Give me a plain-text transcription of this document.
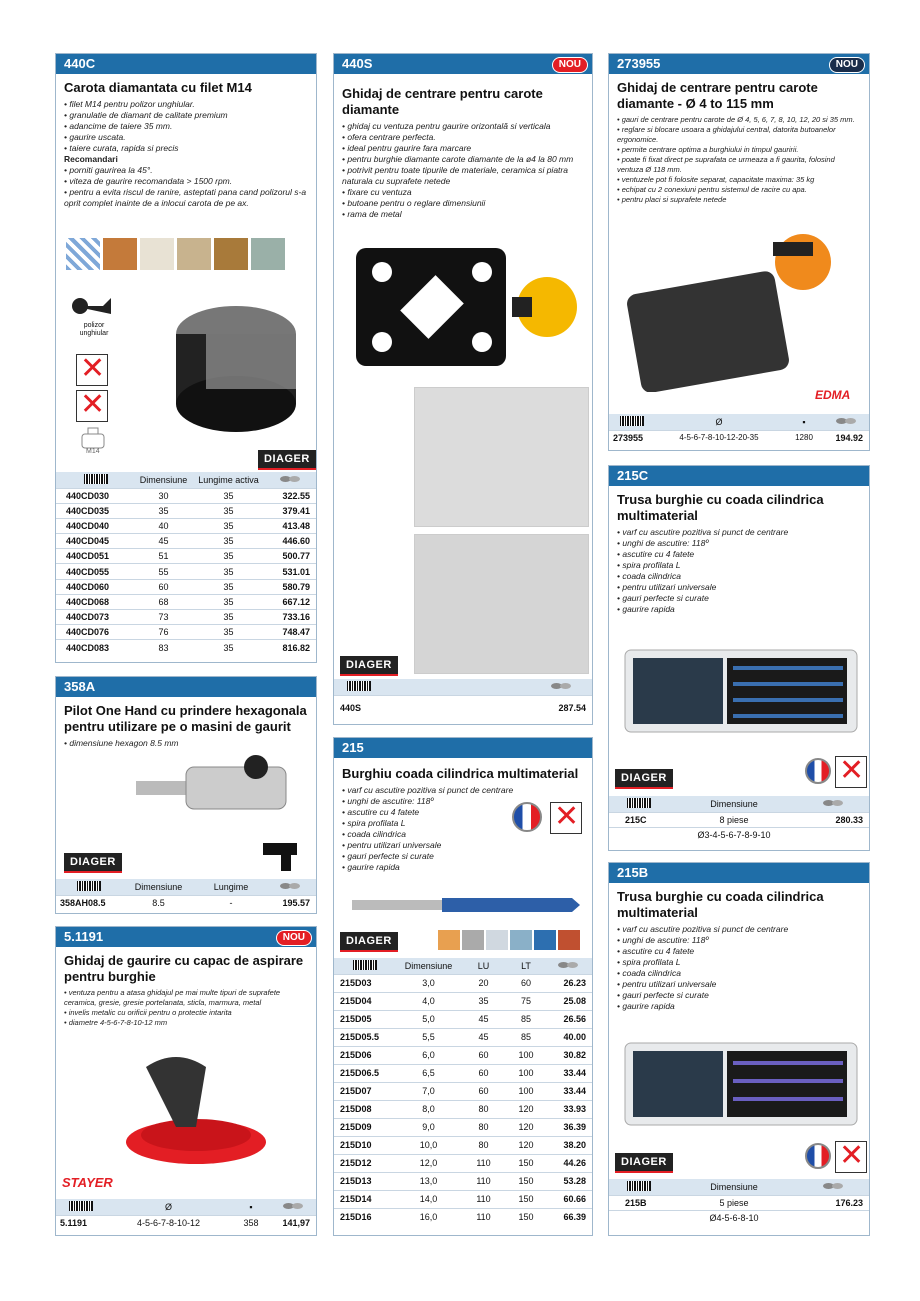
440C
Carota diamantata cu filet M14
• filet M14 pentru polizor unghiular.
• granulatie de diamant de calitate premium
• adancime de taiere 35 mm.
• gaurire uscata.
• taiere curata, rapida si precis
Recomandari
• porniti gaurirea la 45°.
• viteza de gaurire recomandata > 1500 rpm.
• pentru a evita riscul de ranire, asteptati pana cand polizorul s-a oprit complet inainte de a inlocui carota de pe ax.
polizor unghiular
✕
✕
M14
DIAGER
	Dimensiune	Lungime activa	
440CD030	30	35	322.55
440CD035	35	35	379.41
440CD040	40	35	413.48
440CD045	45	35	446.60
440CD051	51	35	500.77
440CD055	55	35	531.01
440CD060	60	35	580.79
440CD068	68	35	667.12
440CD073	73	35	733.16
440CD076	76	35	748.47
440CD083	83	35	816.82
358A
Pilot One Hand cu prindere hexagonala pentru utilizare pe o masini de gaurit
• dimensiune hexagon 8.5 mm
DIAGER
	Dimensiune	Lungime	
358AH08.5	8.5	-	195.57
5.1191	NOU
Ghidaj de gaurire cu capac de aspirare pentru burghie
• ventuza pentru a atasa ghidajul pe mai multe tipuri de suprafete ceramica, gresie, gresie portelanata, sticla, marmura, metal
• invelis metalic cu orificii pentru o protectie intarita
• diametre 4-5-6-7-8-10-12 mm
STAYER
	Ø	▪	
5.1191	4-5-6-7-8-10-12	358	141,97
440S	NOU
Ghidaj de centrare pentru carote diamante
• ghidaj cu ventuza pentru gaurire orizontală si verticala
• ofera centrare perfecta.
• ideal pentru gaurire fara marcare
• pentru burghie diamante carote diamante de la ø4 la 80 mm
• potrivit pentru toate tipurile de materiale, ceramica si piatra naturala cu suprafete netede
• fixare cu ventuza
• butoane pentru o reglare dimensiunii
• rama de metal
DIAGER

440S		287.54
215
Burghiu coada cilindrica multimaterial
• varf cu ascutire pozitiva si punct de centrare
• unghi de ascutire: 118º
• ascutire cu 4 fatete
• spira profilata L
• coada cilindrica
• pentru utilizari universale
• gauri perfecte si curate
• gaurire rapida
✕
DIAGER
	Dimensiune	LU	LT	
215D03	3,0	20	60	26.23
215D04	4,0	35	75	25.08
215D05	5,0	45	85	26.56
215D05.5	5,5	45	85	40.00
215D06	6,0	60	100	30.82
215D06.5	6,5	60	100	33.44
215D07	7,0	60	100	33.44
215D08	8,0	80	120	33.93
215D09	9,0	80	120	36.39
215D10	10,0	80	120	38.20
215D12	12,0	110	150	44.26
215D13	13,0	110	150	53.28
215D14	14,0	110	150	60.66
215D16	16,0	110	150	66.39
273955	NOU
Ghidaj de centrare pentru carote diamante - Ø 4 to 115 mm
• gauri de centrare pentru carote de Ø 4, 5, 6, 7, 8, 10, 12, 20 si 35 mm.
• reglare si blocare usoara a ghidajului central, datorita butoanelor ergonomice.
• permite centrare optima a burghiului in timpul gauririi.
• poate fi fixat direct pe suprafata ce urmeaza a fi gaurita, folosind ventuza Ø 118 mm.
• ventuzele pot fi folosite separat, capacitate maxima: 35 kg
• echipat cu 2 conexiuni pentru sistemul de racire cu apa.
• pentru placi si suprafete netede
EDMA
	Ø	▪	
273955	4-5-6-7-8-10-12-20-35	1280	194.92
215C
Trusa burghie cu coada cilindrica multimaterial
• varf cu ascutire pozitiva si punct de centrare
• unghi de ascutire: 118º
• ascutire cu 4 fatete
• spira profilata L
• coada cilindrica
• pentru utilizari universale
• gauri perfecte si curate
• gaurire rapida
✕
DIAGER
	Dimensiune	
215C	8 piese	280.33
	Ø3-4-5-6-7-8-9-10	
215B
Trusa burghie cu coada cilindrica multimaterial
• varf cu ascutire pozitiva si punct de centrare
• unghi de ascutire: 118º
• ascutire cu 4 fatete
• spira profilata L
• coada cilindrica
• pentru utilizari universale
• gauri perfecte si curate
• gaurire rapida
✕
DIAGER
	Dimensiune	
215B	5 piese	176.23
	Ø4-5-6-8-10	
